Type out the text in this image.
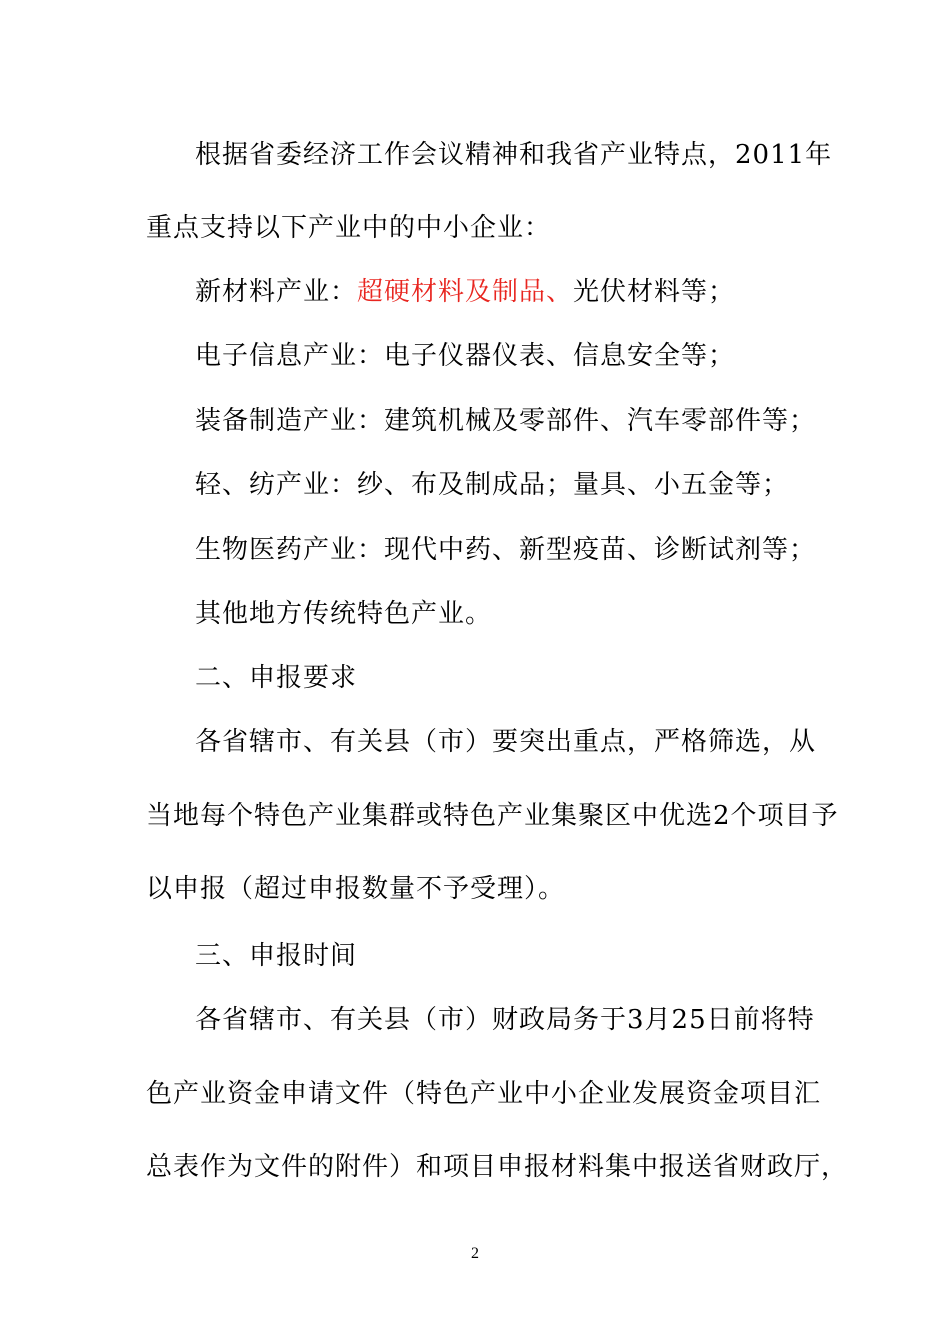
根据省委经济工作会议精神和我省产业特点，2011年
重点支持以下产业中的中小企业：
新材料产业：超硬材料及制品、光伏材料等；
电子信息产业：电子仪器仪表、信息安全等；
装备制造产业：建筑机械及零部件、汽车零部件等；
轻、纺产业：纱、布及制成品；量具、小五金等；
生物医药产业：现代中药、新型疫苗、诊断试剂等；
其他地方传统特色产业。
二、申报要求
各省辖市、有关县（市）要突出重点，严格筛选，从
当地每个特色产业集群或特色产业集聚区中优选2个项目予
以申报（超过申报数量不予受理）。
三、申报时间
各省辖市、有关县（市）财政局务于3月25日前将特
色产业资金申请文件（特色产业中小企业发展资金项目汇
总表作为文件的附件）和项目申报材料集中报送省财政厅，
2
